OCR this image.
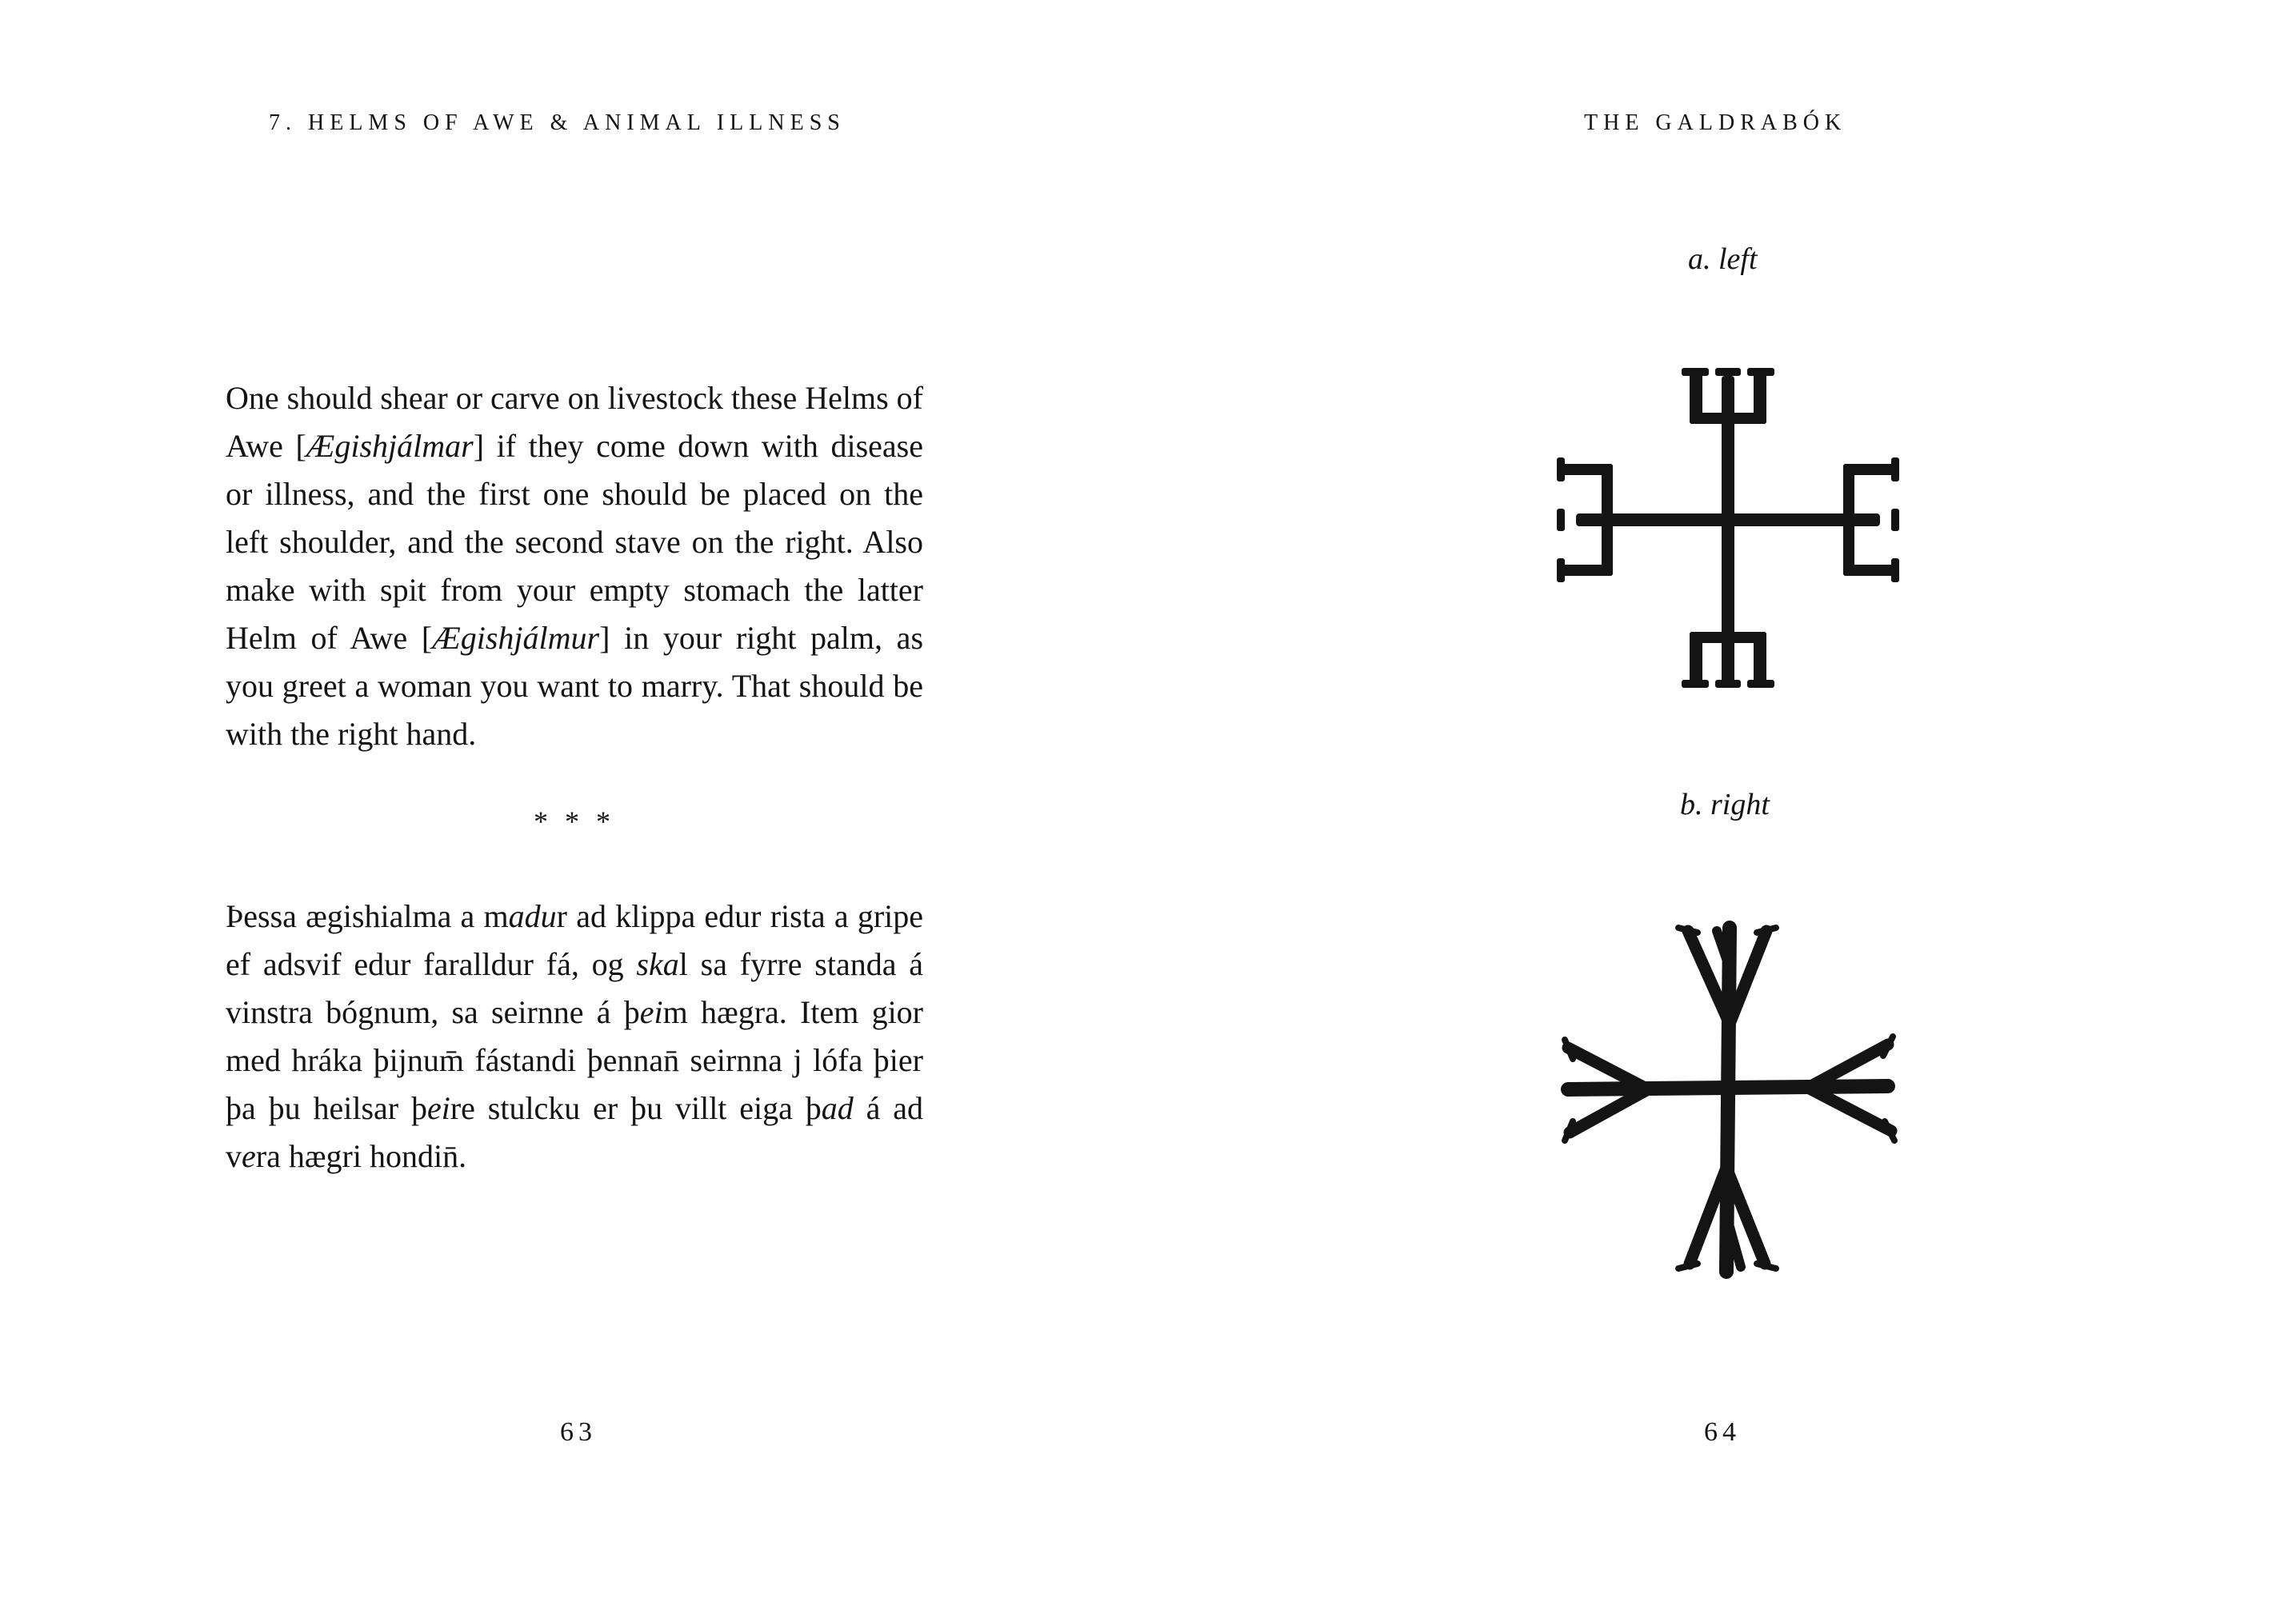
7. HELMS OF AWE & ANIMAL ILLNESS

One should shear or carve on livestock these Helms of Awe [Ægishjálmar] if they come down with disease or illness, and the first one should be placed on the left shoulder, and the second stave on the right. Also make with spit from your empty stomach the latter Helm of Awe [Ægishjálmur] in your right palm, as you greet a woman you want to marry. That should be with the right hand.

* * *

Þessa ægishialma a madur ad klippa edur rista a gripe ef adsvif edur faralldur fá, og skal sa fyrre standa á vinstra bógnum, sa seirnne á þeim hægra. Item gior med hráka þijnum̄ fástandi þennan̄ seirnna j lófa þier þa þu heilsar þeire stulcku er þu villt eiga þad á ad vera hægri hondin̄.

63
THE GALDRABÓK
a. left
b. right
64
